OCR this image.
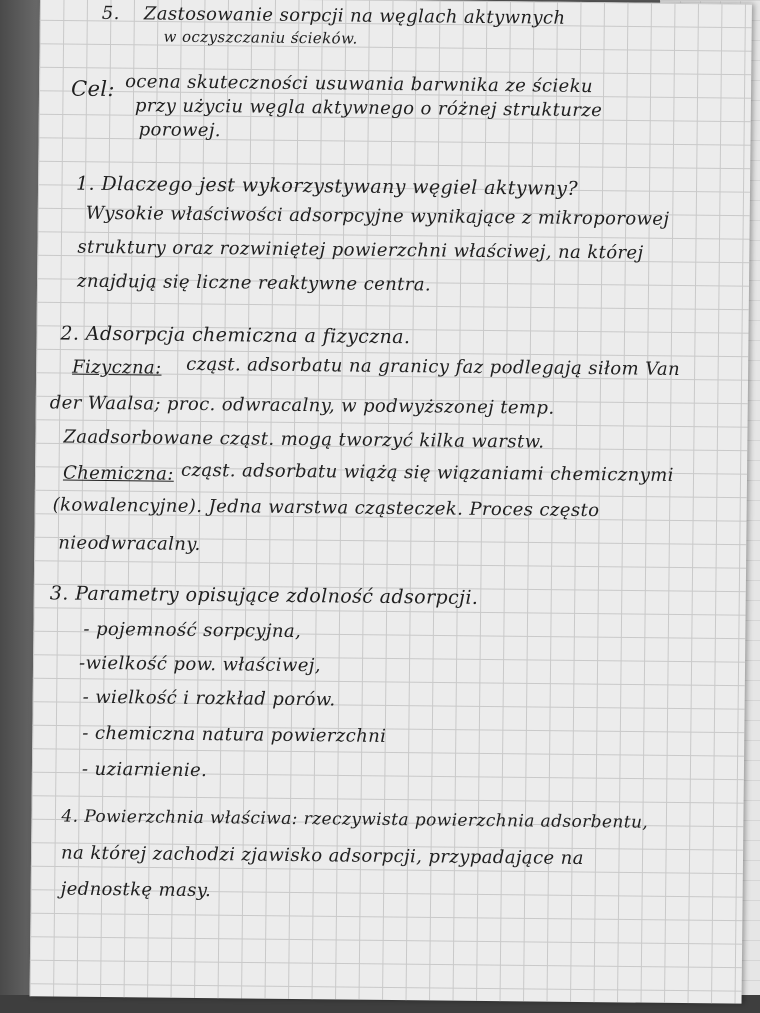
5. Zastosowanie sorpcji na węglach aktywnych
w oczyszczaniu ścieków.
Cel: ocena skuteczności usuwania barwnika ze ścieku
przy użyciu węgla aktywnego o różnej strukturze
porowej.
1. Dlaczego jest wykorzystywany węgiel aktywny?
Wysokie właściwości adsorpcyjne wynikające z mikroporowej
struktury oraz rozwiniętej powierzchni właściwej, na której
znajdują się liczne reaktywne centra.
2. Adsorpcja chemiczna a fizyczna.
Fizyczna: cząst. adsorbatu na granicy faz podlegają siłom Van
der Waalsa; proc. odwracalny, w podwyższonej temp.
Zaadsorbowane cząst. mogą tworzyć kilka warstw.
Chemiczna: cząst. adsorbatu wiążą się wiązaniami chemicznymi
(kowalencyjne). Jedna warstwa cząsteczek. Proces często
nieodwracalny.
3. Parametry opisujące zdolność adsorpcji.
- pojemność sorpcyjna,
-wielkość pow. właściwej,
- wielkość i rozkład porów.
- chemiczna natura powierzchni
- uziarnienie.
4. Powierzchnia właściwa: rzeczywista powierzchnia adsorbentu,
na której zachodzi zjawisko adsorpcji, przypadające na
jednostkę masy.
